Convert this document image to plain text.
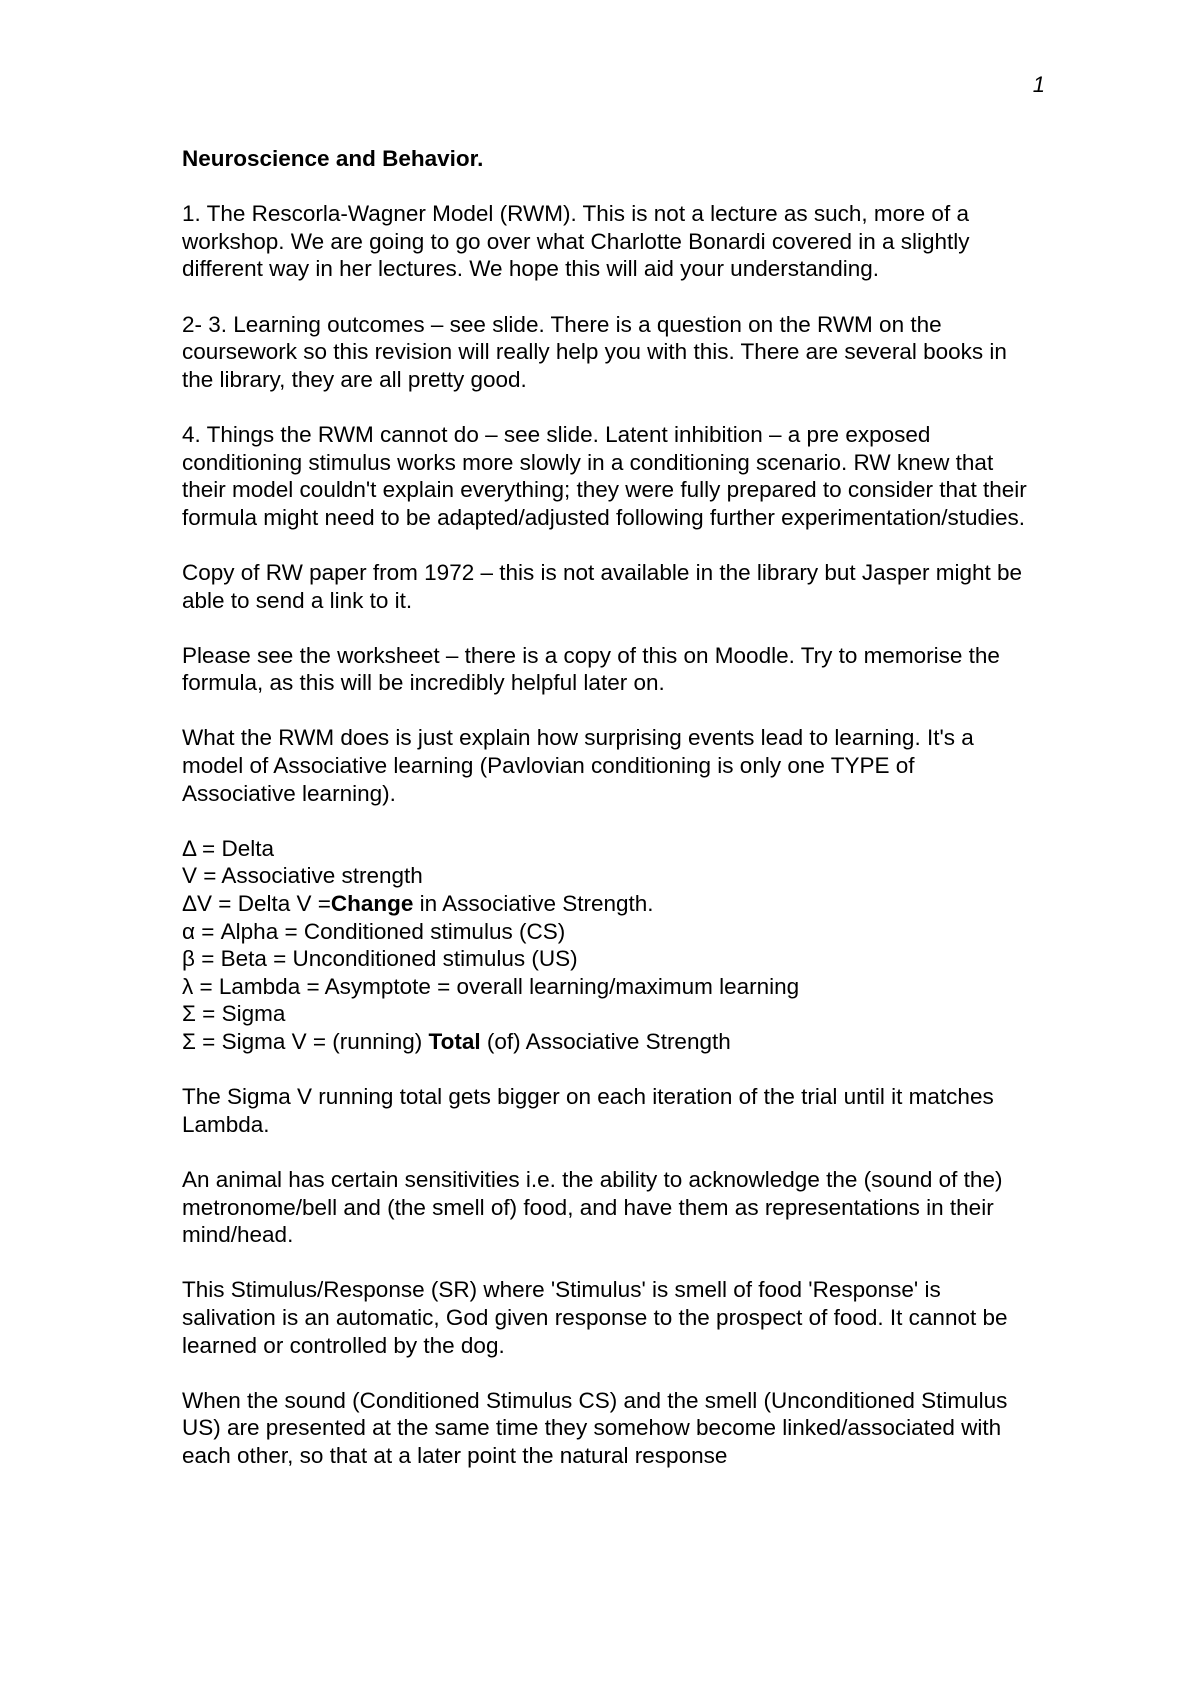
1

Neuroscience and Behavior.

1. The Rescorla-Wagner Model (RWM). This is not a lecture as such, more of a workshop. We are going to go over what Charlotte Bonardi covered in a slightly different way in her lectures. We hope this will aid your understanding.

2- 3. Learning outcomes – see slide. There is a question on the RWM on the coursework so this revision will really help you with this. There are several books in the library, they are all pretty good.

4. Things the RWM cannot do – see slide. Latent inhibition – a pre exposed conditioning stimulus works more slowly in a conditioning scenario. RW knew that their model couldn't explain everything; they were fully prepared to consider that their formula might need to be adapted/adjusted following further experimentation/studies.

Copy of RW paper from 1972 – this is not available in the library but Jasper might be able to send a link to it.

Please see the worksheet – there is a copy of this on Moodle. Try to memorise the formula, as this will be incredibly helpful later on.

What the RWM does is just explain how surprising events lead to learning. It's a model of Associative learning (Pavlovian conditioning is only one TYPE of Associative learning).

Δ = Delta
V = Associative strength
ΔV = Delta V =Change in Associative Strength.
α = Alpha = Conditioned stimulus (CS)
β = Beta = Unconditioned stimulus (US)
λ = Lambda = Asymptote = overall learning/maximum learning
Σ = Sigma
Σ = Sigma V = (running) Total (of) Associative Strength

The Sigma V running total gets bigger on each iteration of the trial until it matches Lambda.

An animal has certain sensitivities i.e. the ability to acknowledge the (sound of the) metronome/bell and (the smell of) food, and have them as representations in their mind/head.

This Stimulus/Response (SR) where 'Stimulus' is smell of food 'Response' is salivation is an automatic, God given response to the prospect of food. It cannot be learned or controlled by the dog.

When the sound (Conditioned Stimulus CS) and the smell (Unconditioned Stimulus US) are presented at the same time they somehow become linked/associated with each other, so that at a later point the natural response
